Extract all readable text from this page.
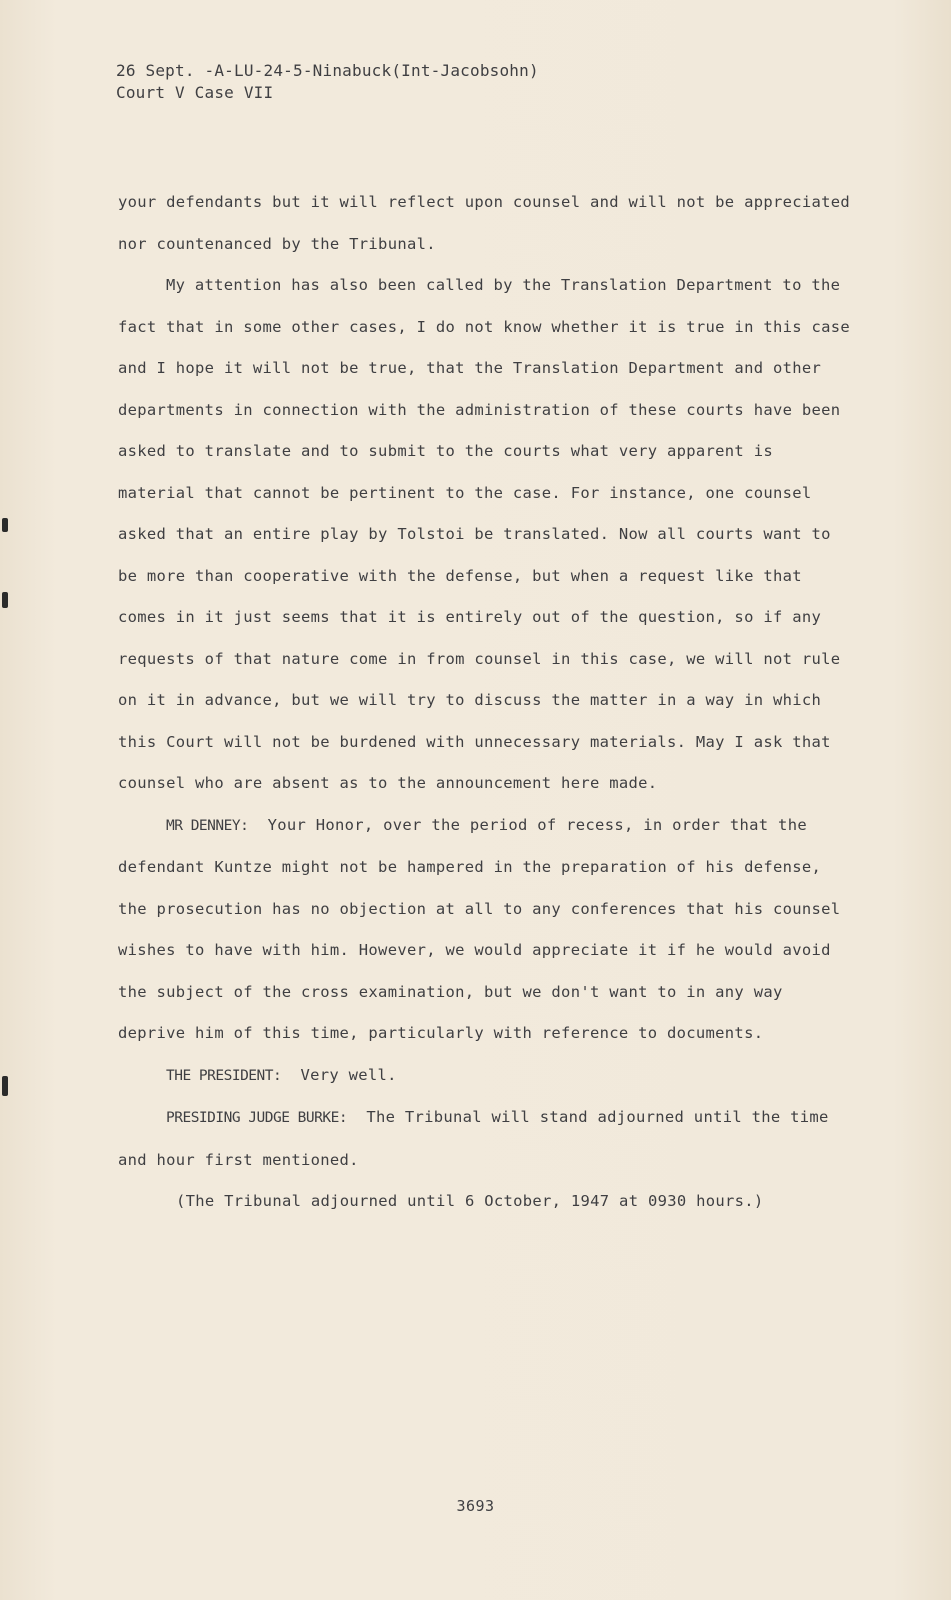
26 Sept. -A-LU-24-5-Ninabuck(Int-Jacobsohn)
Court V Case VII

your defendants but it will reflect upon counsel and will not be appreciated nor countenanced by the Tribunal.

My attention has also been called by the Translation Department to the fact that in some other cases, I do not know whether it is true in this case and I hope it will not be true, that the Translation Department and other departments in connection with the administration of these courts have been asked to translate and to submit to the courts what very apparent is material that cannot be pertinent to the case. For instance, one counsel asked that an entire play by Tolstoi be translated. Now all courts want to be more than cooperative with the defense, but when a request like that comes in it just seems that it is entirely out of the question, so if any requests of that nature come in from counsel in this case, we will not rule on it in advance, but we will try to discuss the matter in a way in which this Court will not be burdened with unnecessary materials. May I ask that counsel who are absent as to the announcement here made.

MR DENNEY: Your Honor, over the period of recess, in order that the defendant Kuntze might not be hampered in the preparation of his defense, the prosecution has no objection at all to any conferences that his counsel wishes to have with him. However, we would appreciate it if he would avoid the subject of the cross examination, but we don't want to in any way deprive him of this time, particularly with reference to documents.

THE PRESIDENT: Very well.

PRESIDING JUDGE BURKE: The Tribunal will stand adjourned until the time and hour first mentioned.

(The Tribunal adjourned until 6 October, 1947 at 0930 hours.)

3693
